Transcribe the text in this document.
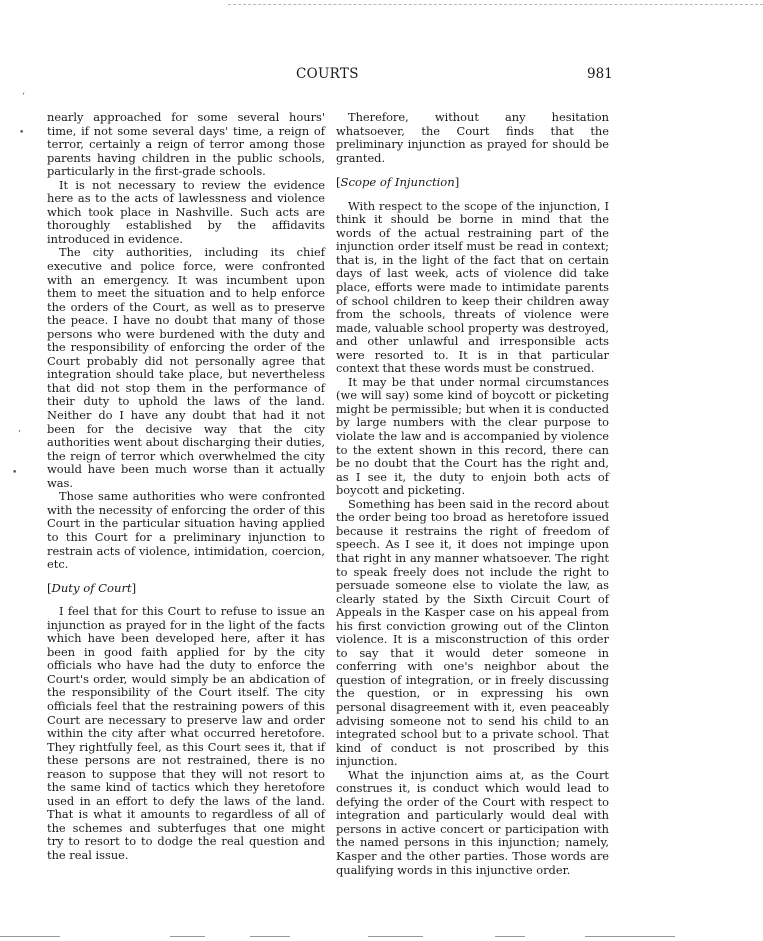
COURTS	981
‘
•
’
•

nearly approached for some several hours' time, if not some several days' time, a reign of terror, certainly a reign of terror among those parents having children in the public schools, particularly in the first-grade schools.

It is not necessary to review the evidence here as to the acts of lawlessness and violence which took place in Nashville. Such acts are thoroughly established by the affidavits introduced in evidence.

The city authorities, including its chief executive and police force, were confronted with an emergency. It was incumbent upon them to meet the situation and to help enforce the orders of the Court, as well as to preserve the peace. I have no doubt that many of those persons who were burdened with the duty and the responsibility of enforcing the order of the Court probably did not personally agree that integration should take place, but nevertheless that did not stop them in the performance of their duty to uphold the laws of the land. Neither do I have any doubt that had it not been for the decisive way that the city authorities went about discharging their duties, the reign of terror which overwhelmed the city would have been much worse than it actually was.

Those same authorities who were confronted with the necessity of enforcing the order of this Court in the particular situation having applied to this Court for a preliminary injunction to restrain acts of violence, intimidation, coercion, etc.

[Duty of Court]

I feel that for this Court to refuse to issue an injunction as prayed for in the light of the facts which have been developed here, after it has been in good faith applied for by the city officials who have had the duty to enforce the Court's order, would simply be an abdication of the responsibility of the Court itself. The city officials feel that the restraining powers of this Court are necessary to preserve law and order within the city after what occurred heretofore. They rightfully feel, as this Court sees it, that if these persons are not restrained, there is no reason to suppose that they will not resort to the same kind of tactics which they heretofore used in an effort to defy the laws of the land. That is what it amounts to regardless of all of the schemes and subterfuges that one might try to resort to to dodge the real question and the real issue.

Therefore, without any hesitation whatsoever, the Court finds that the preliminary injunction as prayed for should be granted.

[Scope of Injunction]

With respect to the scope of the injunction, I think it should be borne in mind that the words of the actual restraining part of the injunction order itself must be read in context; that is, in the light of the fact that on certain days of last week, acts of violence did take place, efforts were made to intimidate parents of school children to keep their children away from the schools, threats of violence were made, valuable school property was destroyed, and other unlawful and irresponsible acts were resorted to. It is in that particular context that these words must be construed.

It may be that under normal circumstances (we will say) some kind of boycott or picketing might be permissible; but when it is conducted by large numbers with the clear purpose to violate the law and is accompanied by violence to the extent shown in this record, there can be no doubt that the Court has the right and, as I see it, the duty to enjoin both acts of boycott and picketing.

Something has been said in the record about the order being too broad as heretofore issued because it restrains the right of freedom of speech. As I see it, it does not impinge upon that right in any manner whatsoever. The right to speak freely does not include the right to persuade someone else to violate the law, as clearly stated by the Sixth Circuit Court of Appeals in the Kasper case on his appeal from his first conviction growing out of the Clinton violence. It is a misconstruction of this order to say that it would deter someone in conferring with one's neighbor about the question of integration, or in freely discussing the question, or in expressing his own personal disagreement with it, even peaceably advising someone not to send his child to an integrated school but to a private school. That kind of conduct is not proscribed by this injunction.

What the injunction aims at, as the Court construes it, is conduct which would lead to defying the order of the Court with respect to integration and particularly would deal with persons in active concert or participation with the named persons in this injunction; namely, Kasper and the other parties. Those words are qualifying words in this injunctive order.
